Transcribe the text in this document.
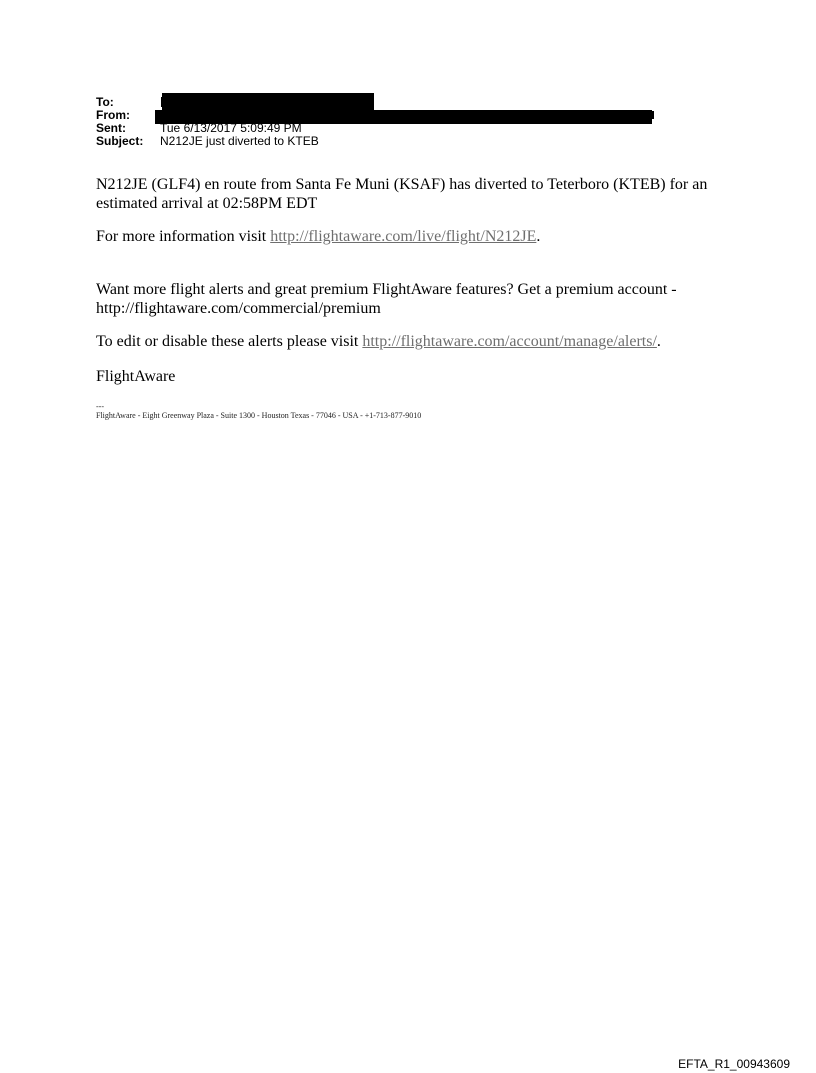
To:
From:
Sent:	Tue 6/13/2017 5:09:49 PM
Subject: N212JE just diverted to KTEB
N212JE (GLF4) en route from Santa Fe Muni (KSAF) has diverted to Teterboro (KTEB) for an estimated arrival at 02:58PM EDT
For more information visit http://flightaware.com/live/flight/N212JE.
Want more flight alerts and great premium FlightAware features? Get a premium account - http://flightaware.com/commercial/premium
To edit or disable these alerts please visit http://flightaware.com/account/manage/alerts/.
FlightAware
---
FlightAware - Eight Greenway Plaza - Suite 1300 - Houston Texas - 77046 - USA - +1-713-877-9010
EFTA_R1_00943609
